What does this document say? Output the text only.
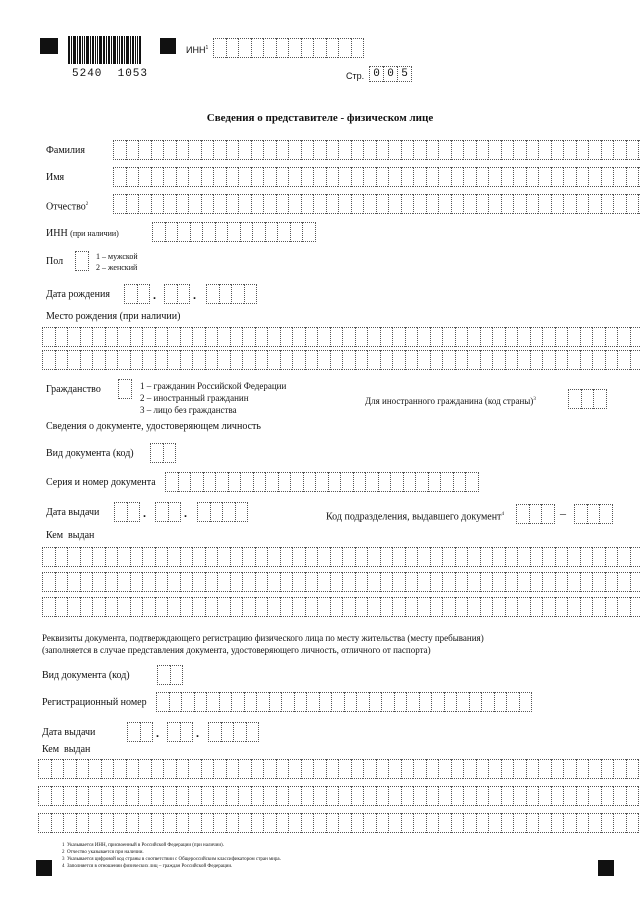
5240  1053
ИНН$^1$
Стр. 0 0 5
Сведения о представителе - физическом лице
Фамилия
Имя
Отчество$^2$
ИНН (при наличии)
Пол	1 – мужской
2 – женский
Дата рождения	.	.
Место рождения (при наличии)
Гражданство	1 – гражданин Российской Федерации
2 – иностранный гражданин
3 – лицо без гражданства
Для иностранного гражданина (код страны)$^3$
Сведения о документе, удостоверяющем личность
Вид документа (код)
Серия и номер документа
Дата выдачи	.	.	Код подразделения, выдавшего документ$^4$	–
Кем  выдан
Реквизиты документа, подтверждающего регистрацию физического лица по месту жительства (месту пребывания)
(заполняется в случае представления документа, удостоверяющего личность, отличного от паспорта)
Вид документа (код)
Регистрационный номер
Дата выдачи	.	.
Кем  выдан
1  Указывается ИНН, присвоенный в Российской Федерации (при наличии).
2  Отчество указывается при наличии.
3  Указывается цифровой код страны в соответствии с Общероссийским классификатором стран мира.
4  Заполняется в отношении физических лиц – граждан Российской Федерации.
